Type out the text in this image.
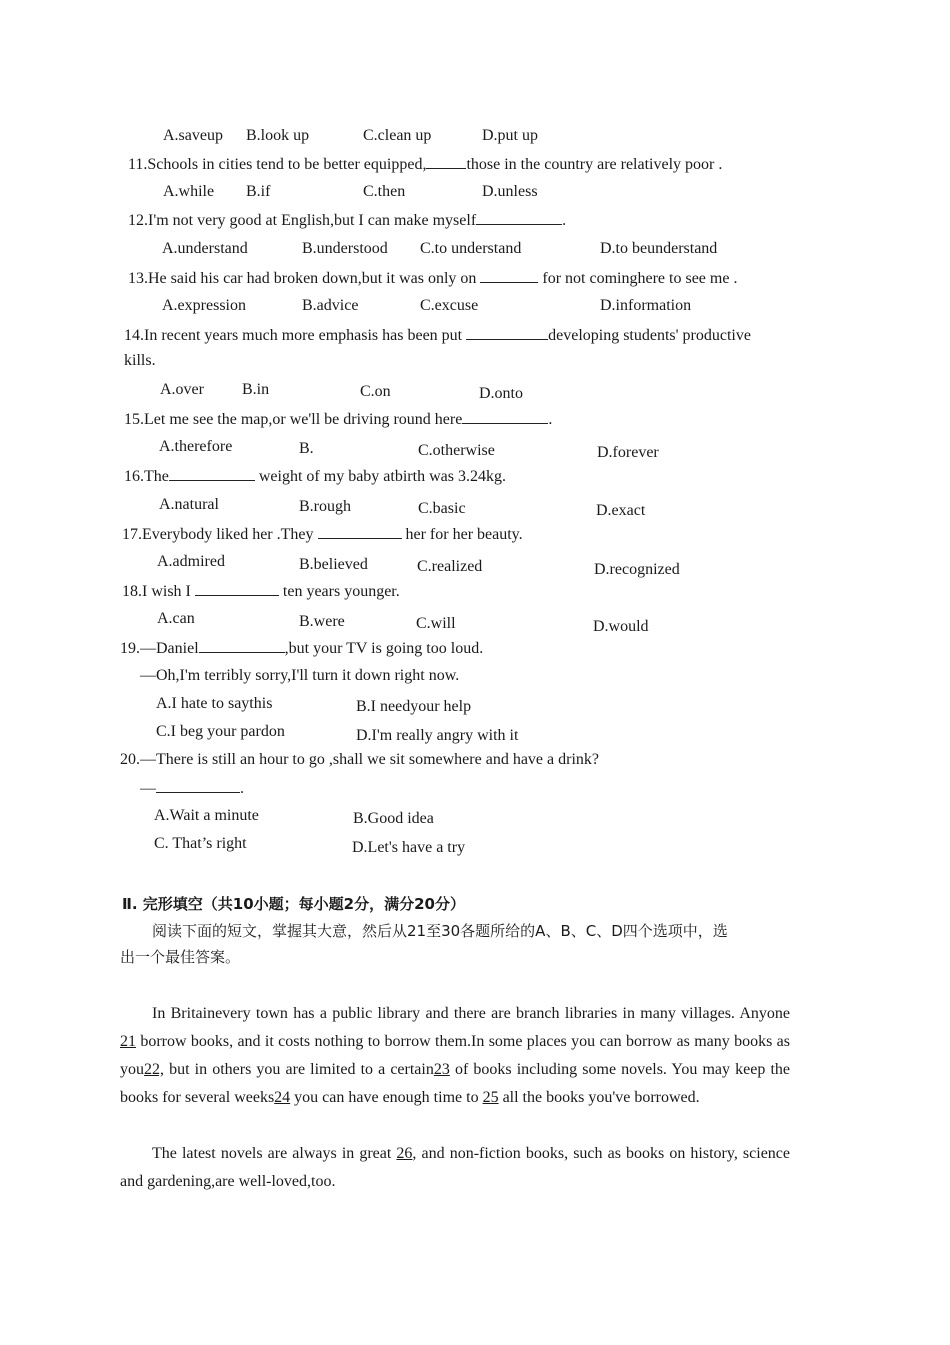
A.saveup B.look up	C.clean up	D.put up
11.Schools in cities tend to be better equipped,	those in the country are relatively poor .
A.while B.if	C.then	D.unless
12.I'm not very good at English,but I can make myself	.
A.understand	B.understood C.to understand	D.to beunderstand
13.He said his car had broken down,but it was only on	for not cominghere to see me .
A.expression	B.advice	C.excuse	D.information
14.In recent years much more emphasis has been put	developing students' productive
kills.
A.over B.in	C.on	D.onto
15.Let me see the map,or we'll be driving round here	.
A.therefore	B.	C.otherwise	D.forever
16.The	weight of my baby atbirth was 3.24kg.
A.natural	B.rough	C.basic	D.exact
17.Everybody liked her .They	her for her beauty.
A.admired	B.believed	C.realized	D.recognized
18.I wish I	ten years younger.
A.can	B.were	C.will	D.would
19.—Daniel	,but your TV is going too loud.
—Oh,I'm terribly sorry,I'll turn it down right now.
A.I hate to saythis	B.I needyour help
C.I beg your pardon	D.I'm really angry with it
20.—There is still an hour to go ,shall we sit somewhere and have a drink?
—	.
A.Wait a minute	B.Good idea
C. That’s right	D.Let's have a try
Ⅱ. 完形填空（共10小题；每小题2分，满分20分）
阅读下面的短文，掌握其大意，然后从21至30各题所给的A、B、C、D四个选项中，选
出一个最佳答案。
In Britainevery town has a public library and there are branch libraries in many villages. Anyone 21 borrow books, and it costs nothing to borrow them.In some places you can borrow as many books as you22, but in others you are limited to a certain23 of books including some novels. You may keep the books for several weeks24 you can have enough time to 25 all the books you've borrowed.
The latest novels are always in great 26, and non-fiction books, such as books on history, science and gardening,are well-loved,too.
